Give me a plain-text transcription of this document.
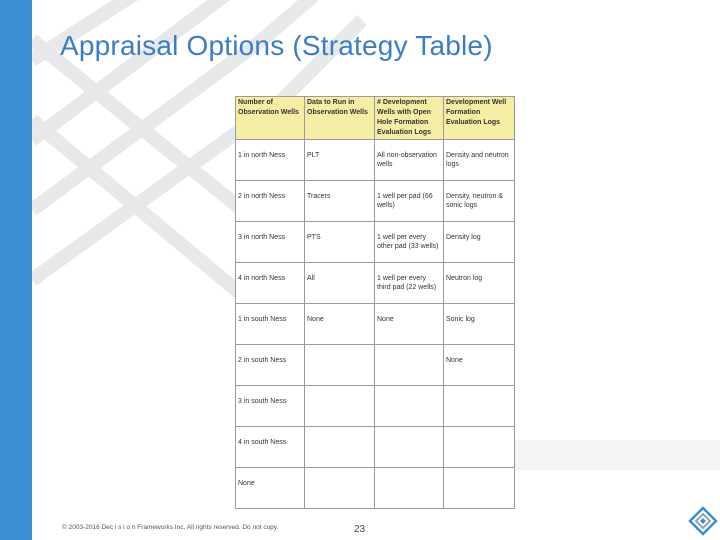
Appraisal Options (Strategy Table)
Number of Observation Wells	Data to Run in Observation Wells	# Development Wells with Open Hole Formation Evaluation Logs	Development Well Formation Evaluation Logs
1 in north Ness	PLT	All non-observation wells	Density and neutron logs
2 in north Ness	Tracers	1 well per pad (66 wells)	Density, neutron & sonic logs
3 in north Ness	PTS	1 well per every other pad (33 wells)	Density log
4 in north Ness	All	1 well per every third pad (22 wells)	Neutron log
1 in south Ness	None	None	Sonic log
2 in south Ness			None
3 in south Ness			
4 in south Ness			
None			
© 2003-2016 Dec i s i o n Frameworks Inc. All rights reserved. Do not copy.	23
